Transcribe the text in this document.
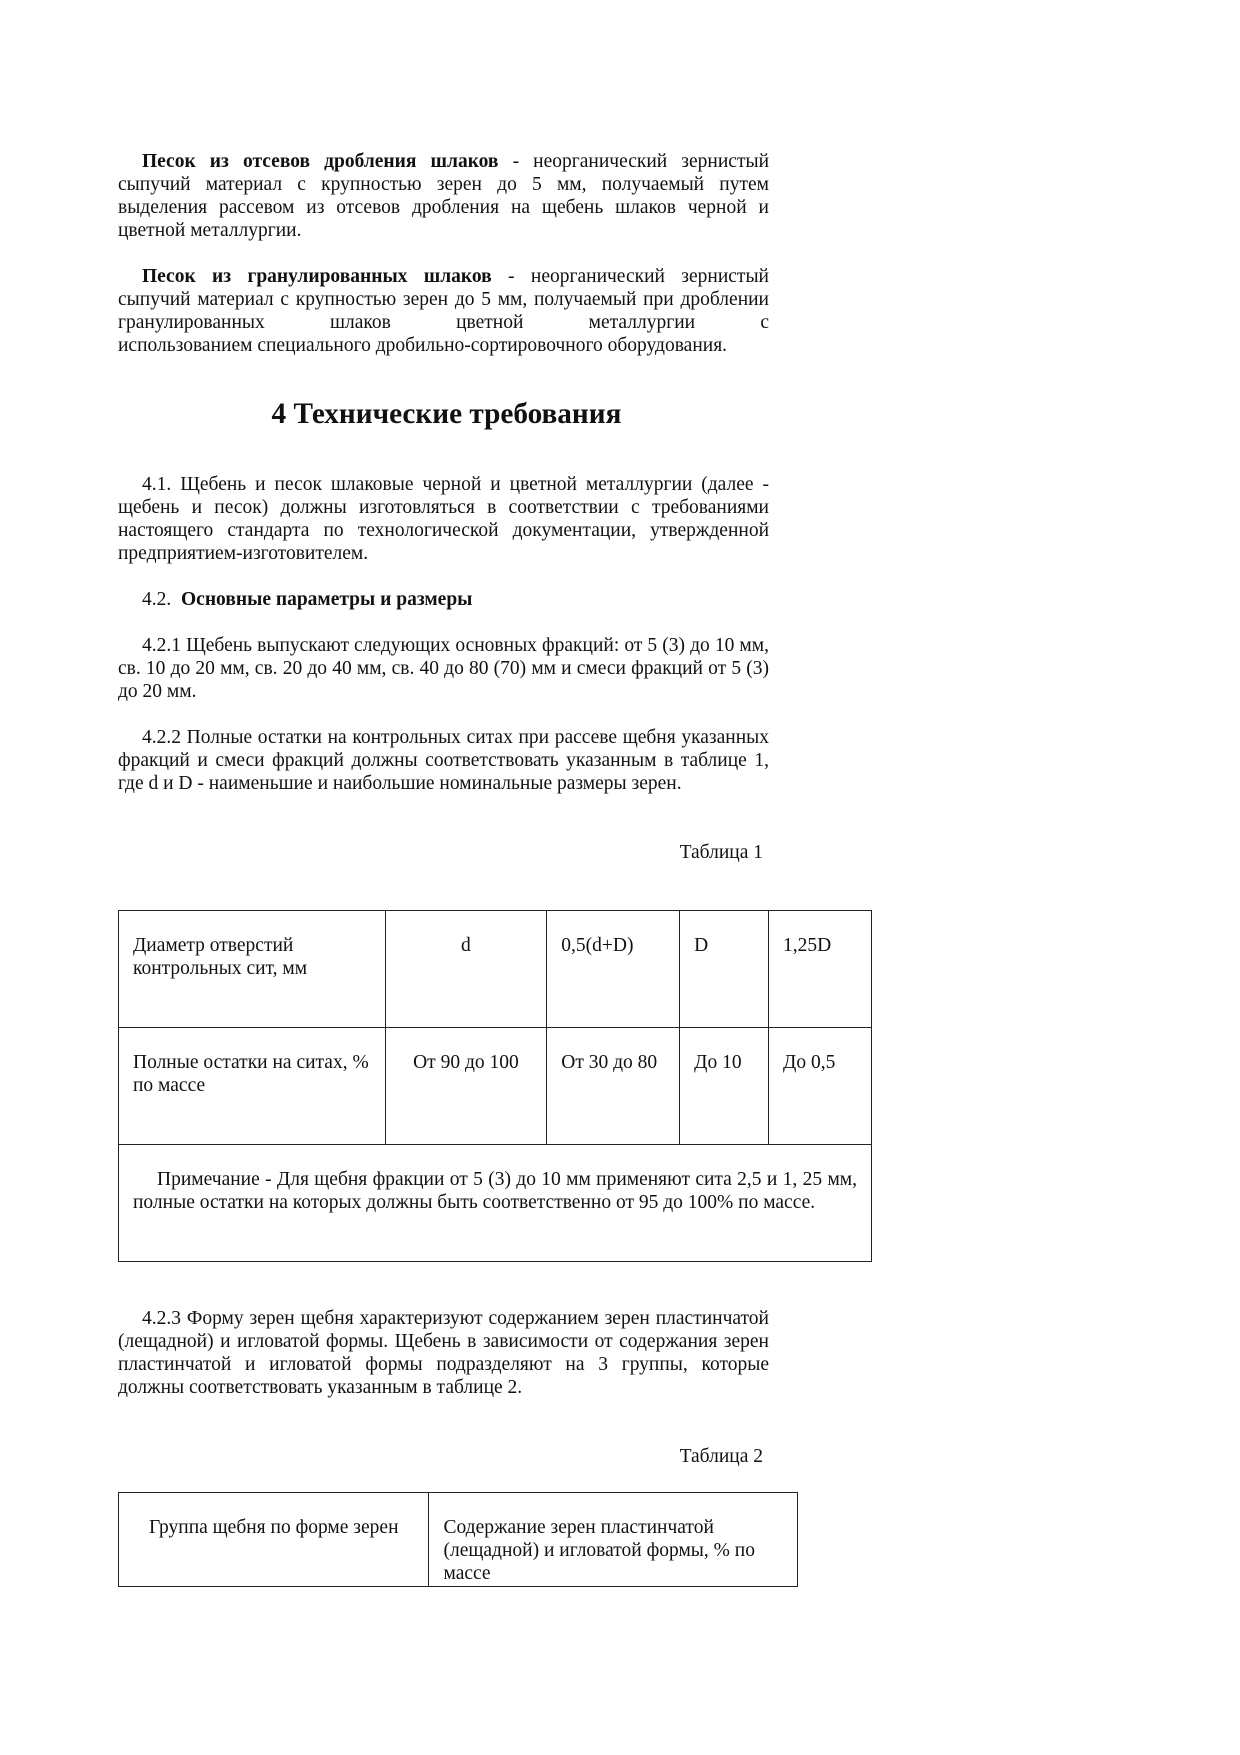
Песок из отсевов дробления шлаков - неорганический зернистый сыпучий материал с крупностью зерен до 5 мм, получаемый путем выделения рассевом из отсевов дробления на щебень шлаков черной и цветной металлургии.

Песок из гранулированных шлаков - неорганический зернистый сыпучий материал с крупностью зерен до 5 мм, получаемый при дроблении гранулированных шлаков цветной металлургии с

использованием специального дробильно-сортировочного оборудования.

4 Технические требования

4.1. Щебень и песок шлаковые черной и цветной металлургии (далее - щебень и песок) должны изготовляться в соответствии с требованиями настоящего стандарта по технологической документации, утвержденной предприятием-изготовителем.

4.2. Основные параметры и размеры

4.2.1 Щебень выпускают следующих основных фракций: от 5 (3) до 10 мм, св. 10 до 20 мм, св. 20 до 40 мм, св. 40 до 80 (70) мм и смеси фракций от 5 (3) до 20 мм.

4.2.2 Полные остатки на контрольных ситах при рассеве щебня указанных фракций и смеси фракций должны соответствовать указанным в таблице 1, где d и D - наименьшие и наибольшие номинальные размеры зерен.

Таблица 1

Диаметр отверстий контрольных сит, мм	d	0,5(d+D)	D	1,25D
Полные остатки на ситах, % по массе	От 90 до 100	От 30 до 80	До 10	До 0,5
Примечание - Для щебня фракции от 5 (3) до 10 мм применяют сита 2,5 и 1, 25 мм, полные остатки на которых должны быть соответственно от 95 до 100% по массе.				

4.2.3 Форму зерен щебня характеризуют содержанием зерен пластинчатой (лещадной) и игловатой формы. Щебень в зависимости от содержания зерен пластинчатой и игловатой формы подразделяют на 3 группы, которые должны соответствовать указанным в таблице 2.

Таблица 2

Группа щебня по форме зерен	Содержание зерен пластинчатой (лещадной) и игловатой формы, % по массе
